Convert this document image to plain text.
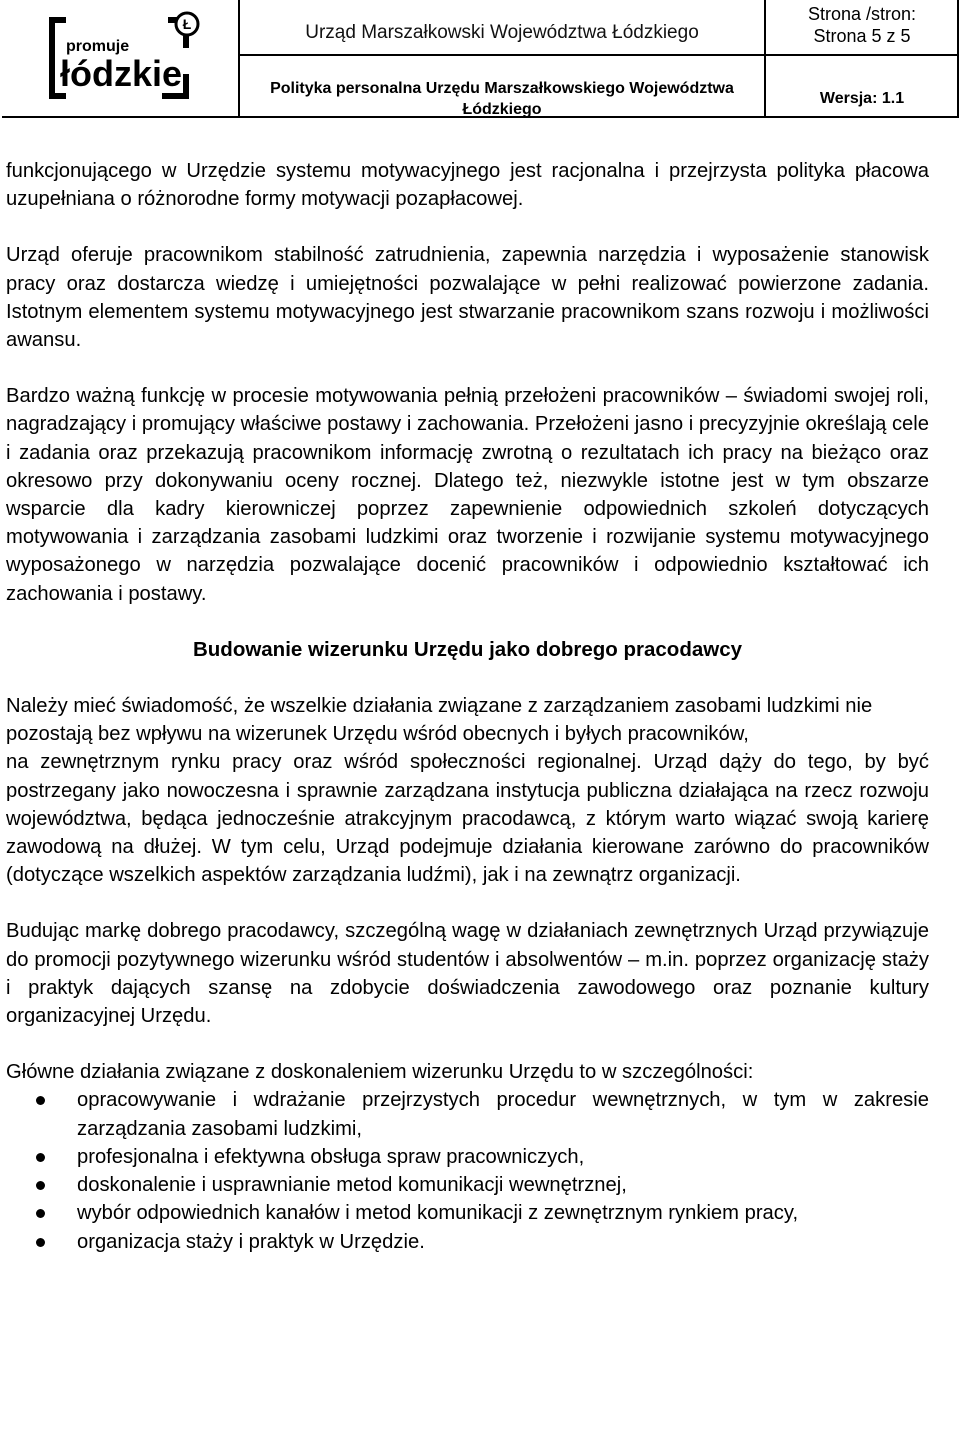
Ł
promuje
łódzkie
Urząd Marszałkowski Województwa Łódzkiego
Polityka personalna Urzędu Marszałkowskiego Województwa Łódzkiego
Strona /stron:
Strona 5 z 5
Wersja: 1.1

funkcjonującego w Urzędzie systemu motywacyjnego jest racjonalna i przejrzysta polityka płacowa uzupełniana o różnorodne formy motywacji pozapłacowej.

Urząd oferuje pracownikom stabilność zatrudnienia, zapewnia narzędzia i wyposażenie stanowisk pracy oraz dostarcza wiedzę i umiejętności pozwalające w pełni realizować powierzone zadania. Istotnym elementem systemu motywacyjnego jest stwarzanie pracownikom szans rozwoju i możliwości awansu.

Bardzo ważną funkcję w procesie motywowania pełnią przełożeni pracowników – świadomi swojej roli, nagradzający i promujący właściwe postawy i zachowania. Przełożeni jasno i precyzyjnie określają cele i zadania oraz przekazują pracownikom informację zwrotną o rezultatach ich pracy na bieżąco oraz okresowo przy dokonywaniu oceny rocznej. Dlatego też, niezwykle istotne jest w tym obszarze wsparcie dla kadry kierowniczej poprzez zapewnienie odpowiednich szkoleń dotyczących motywowania i zarządzania zasobami ludzkimi oraz tworzenie i rozwijanie systemu motywacyjnego wyposażonego w narzędzia pozwalające docenić pracowników i odpowiednio kształtować ich zachowania i postawy.

Budowanie wizerunku Urzędu jako dobrego pracodawcy

Należy mieć świadomość, że wszelkie działania związane z zarządzaniem zasobami ludzkimi nie pozostają bez wpływu na wizerunek Urzędu wśród obecnych i byłych pracowników,

na zewnętrznym rynku pracy oraz wśród społeczności regionalnej. Urząd dąży do tego, by być postrzegany jako nowoczesna i sprawnie zarządzana instytucja publiczna działająca na rzecz rozwoju województwa, będąca jednocześnie atrakcyjnym pracodawcą, z którym warto wiązać swoją karierę zawodową na dłużej. W tym celu, Urząd podejmuje działania kierowane zarówno do pracowników (dotyczące wszelkich aspektów zarządzania ludźmi), jak i na zewnątrz organizacji.

Budując markę dobrego pracodawcy, szczególną wagę w działaniach zewnętrznych Urząd przywiązuje do promocji pozytywnego wizerunku wśród studentów i absolwentów – m.in. poprzez organizację staży i praktyk dających szansę na zdobycie doświadczenia zawodowego oraz poznanie kultury organizacyjnej Urzędu.

Główne działania związane z doskonaleniem wizerunku Urzędu to w szczególności:

opracowywanie i wdrażanie przejrzystych procedur wewnętrznych, w tym w zakresie zarządzania zasobami ludzkimi,
profesjonalna i efektywna obsługa spraw pracowniczych,
doskonalenie i usprawnianie metod komunikacji wewnętrznej,
wybór odpowiednich kanałów i metod komunikacji z zewnętrznym rynkiem pracy,
organizacja staży i praktyk w Urzędzie.
